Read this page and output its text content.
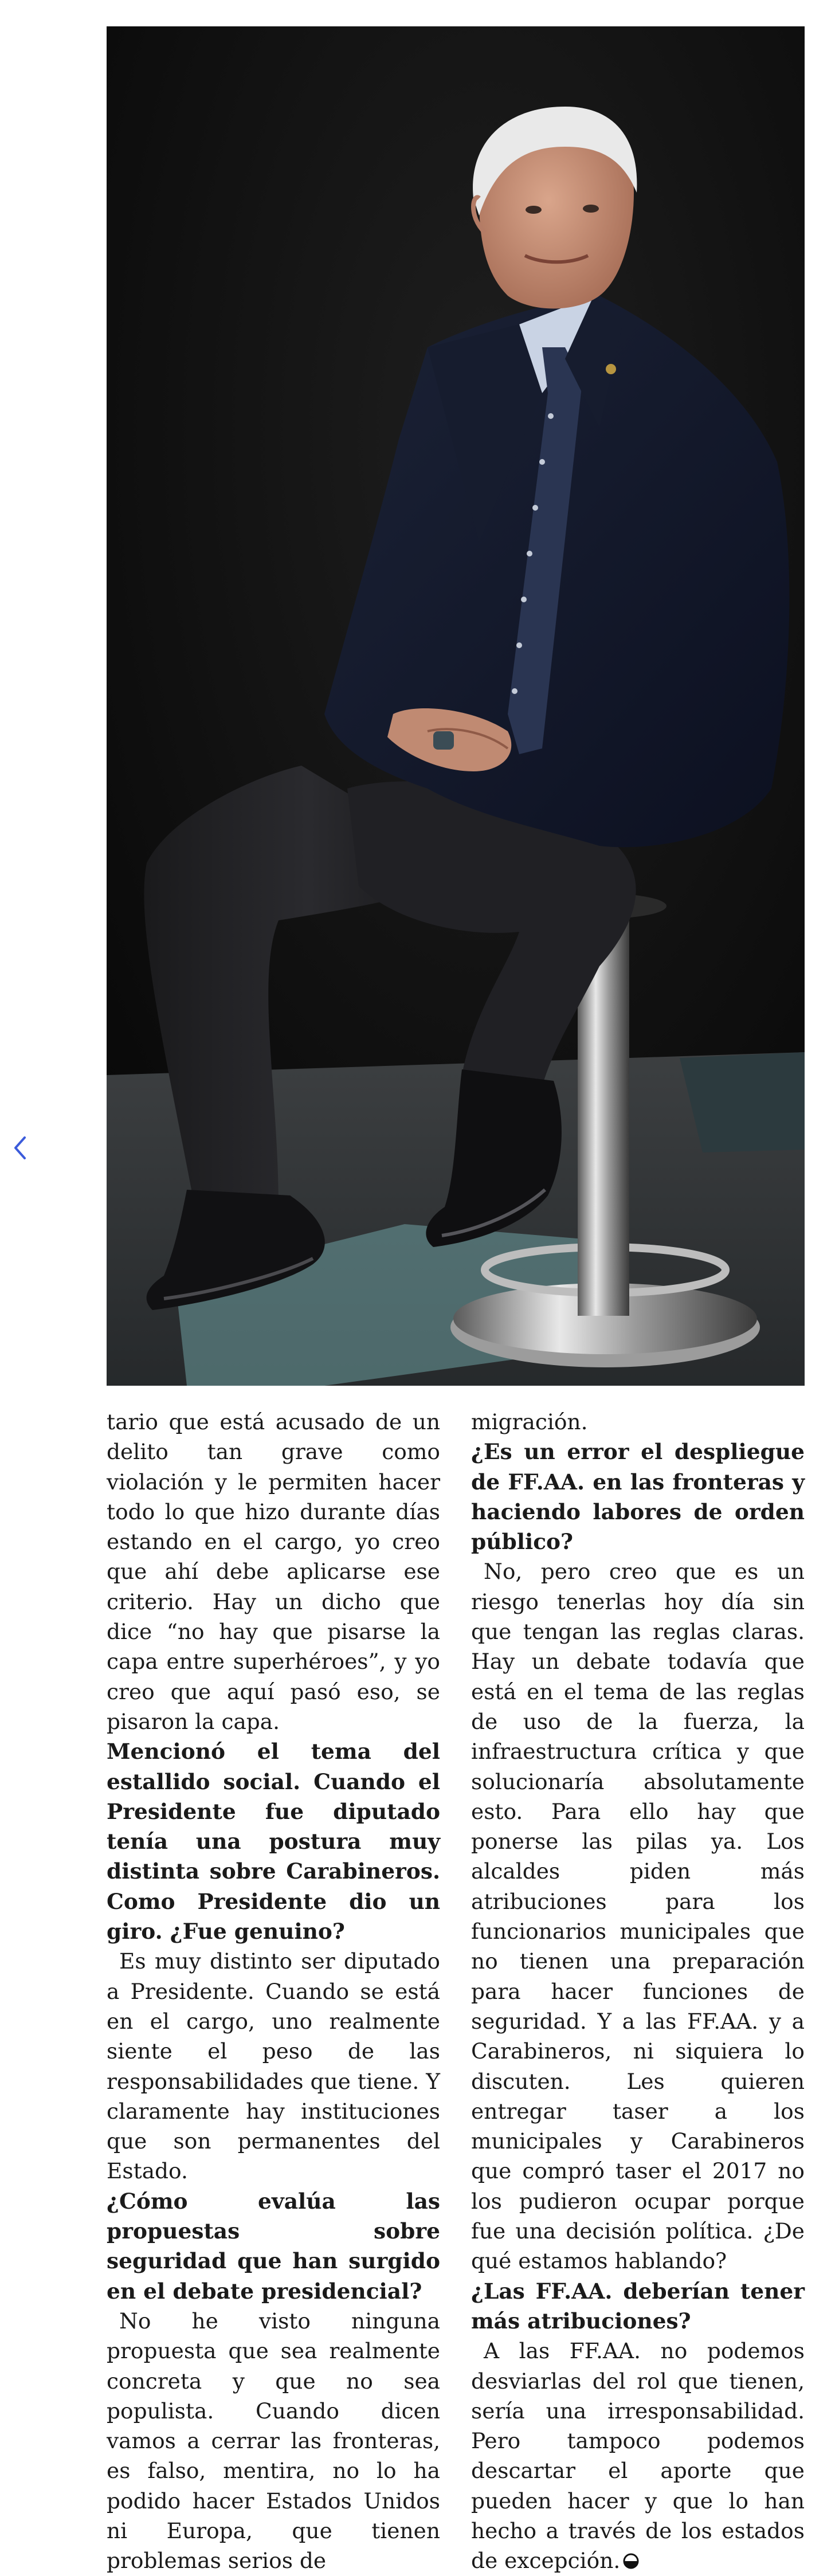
tario que está acusado de un delito tan grave como violación y le permiten hacer todo lo que hizo durante días estando en el cargo, yo creo que ahí debe aplicarse ese criterio. Hay un dicho que dice “no hay que pisarse la capa entre superhéroes”, y yo creo que aquí pasó eso, se pisaron la capa.

Mencionó el tema del estallido social. Cuando el Presidente fue diputado tenía una postura muy distinta sobre Carabineros. Como Presidente dio un giro. ¿Fue genuino?

Es muy distinto ser diputado a Presidente. Cuando se está en el cargo, uno realmente siente el peso de las responsabilidades que tiene. Y claramente hay instituciones que son permanentes del Estado.

¿Cómo evalúa las propuestas sobre seguridad que han surgido en el debate presidencial?

No he visto ninguna propuesta que sea realmente concreta y que no sea populista. Cuando dicen vamos a cerrar las fronteras, es falso, mentira, no lo ha podido hacer Estados Unidos ni Europa, que tienen problemas serios de

migración.

¿Es un error el despliegue de FF.AA. en las fronteras y haciendo labores de orden público?

No, pero creo que es un riesgo tenerlas hoy día sin que tengan las reglas claras. Hay un debate todavía que está en el tema de las reglas de uso de la fuerza, la infraestructura crítica y que solucionaría absolutamente esto. Para ello hay que ponerse las pilas ya. Los alcaldes piden más atribuciones para los funcionarios municipales que no tienen una preparación para hacer funciones de seguridad. Y a las FF.AA. y a Carabineros, ni siquiera lo discuten. Les quieren entregar taser a los municipales y Carabineros que compró taser el 2017 no los pudieron ocupar porque fue una decisión política. ¿De qué estamos hablando?

¿Las FF.AA. deberían tener más atribuciones?

A las FF.AA. no podemos desviarlas del rol que tienen, sería una irresponsabilidad. Pero tampoco podemos descartar el aporte que pueden hacer y que lo han hecho a través de los estados de excepción.
